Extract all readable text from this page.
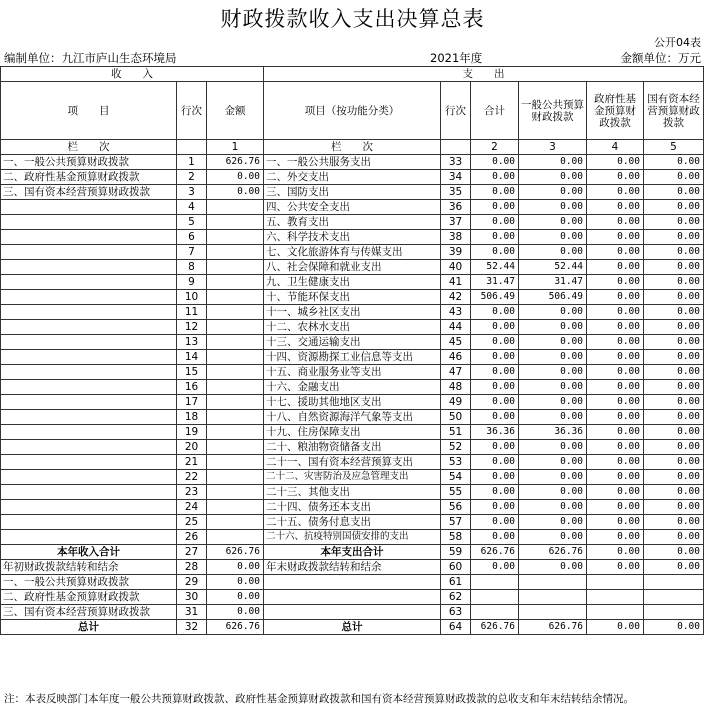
财政拨款收入支出决算总表
公开04表
编制单位：九江市庐山生态环境局	2021年度	金额单位：万元
收　　入			支　　出					
项　　目	行次	金额	项目（按功能分类）	行次	合计	一般公共预算财政拨款	政府性基金预算财政拨款	国有资本经营预算财政拨款
栏　　次		1	栏　　次		2	3	4	5
一、一般公共预算财政拨款	1	626.76	一、一般公共服务支出	33	0.00	0.00	0.00	0.00
二、政府性基金预算财政拨款	2	0.00	二、外交支出	34	0.00	0.00	0.00	0.00
三、国有资本经营预算财政拨款	3	0.00	三、国防支出	35	0.00	0.00	0.00	0.00
	4		四、公共安全支出	36	0.00	0.00	0.00	0.00
	5		五、教育支出	37	0.00	0.00	0.00	0.00
	6		六、科学技术支出	38	0.00	0.00	0.00	0.00
	7		七、文化旅游体育与传媒支出	39	0.00	0.00	0.00	0.00
	8		八、社会保障和就业支出	40	52.44	52.44	0.00	0.00
	9		九、卫生健康支出	41	31.47	31.47	0.00	0.00
	10		十、节能环保支出	42	506.49	506.49	0.00	0.00
	11		十一、城乡社区支出	43	0.00	0.00	0.00	0.00
	12		十二、农林水支出	44	0.00	0.00	0.00	0.00
	13		十三、交通运输支出	45	0.00	0.00	0.00	0.00
	14		十四、资源勘探工业信息等支出	46	0.00	0.00	0.00	0.00
	15		十五、商业服务业等支出	47	0.00	0.00	0.00	0.00
	16		十六、金融支出	48	0.00	0.00	0.00	0.00
	17		十七、援助其他地区支出	49	0.00	0.00	0.00	0.00
	18		十八、自然资源海洋气象等支出	50	0.00	0.00	0.00	0.00
	19		十九、住房保障支出	51	36.36	36.36	0.00	0.00
	20		二十、粮油物资储备支出	52	0.00	0.00	0.00	0.00
	21		二十一、国有资本经营预算支出	53	0.00	0.00	0.00	0.00
	22		二十二、灾害防治及应急管理支出	54	0.00	0.00	0.00	0.00
	23		二十三、其他支出	55	0.00	0.00	0.00	0.00
	24		二十四、债务还本支出	56	0.00	0.00	0.00	0.00
	25		二十五、债务付息支出	57	0.00	0.00	0.00	0.00
	26		二十六、抗疫特别国债安排的支出	58	0.00	0.00	0.00	0.00
本年收入合计	27	626.76	本年支出合计	59	626.76	626.76	0.00	0.00
年初财政拨款结转和结余	28	0.00	年末财政拨款结转和结余	60	0.00	0.00	0.00	0.00
一、一般公共预算财政拨款	29	0.00		61				
二、政府性基金预算财政拨款	30	0.00		62				
三、国有资本经营预算财政拨款	31	0.00		63				
总计	32	626.76	总计	64	626.76	626.76	0.00	0.00
注：本表反映部门本年度一般公共预算财政拨款、政府性基金预算财政拨款和国有资本经营预算财政拨款的总收支和年末结转结余情况。
